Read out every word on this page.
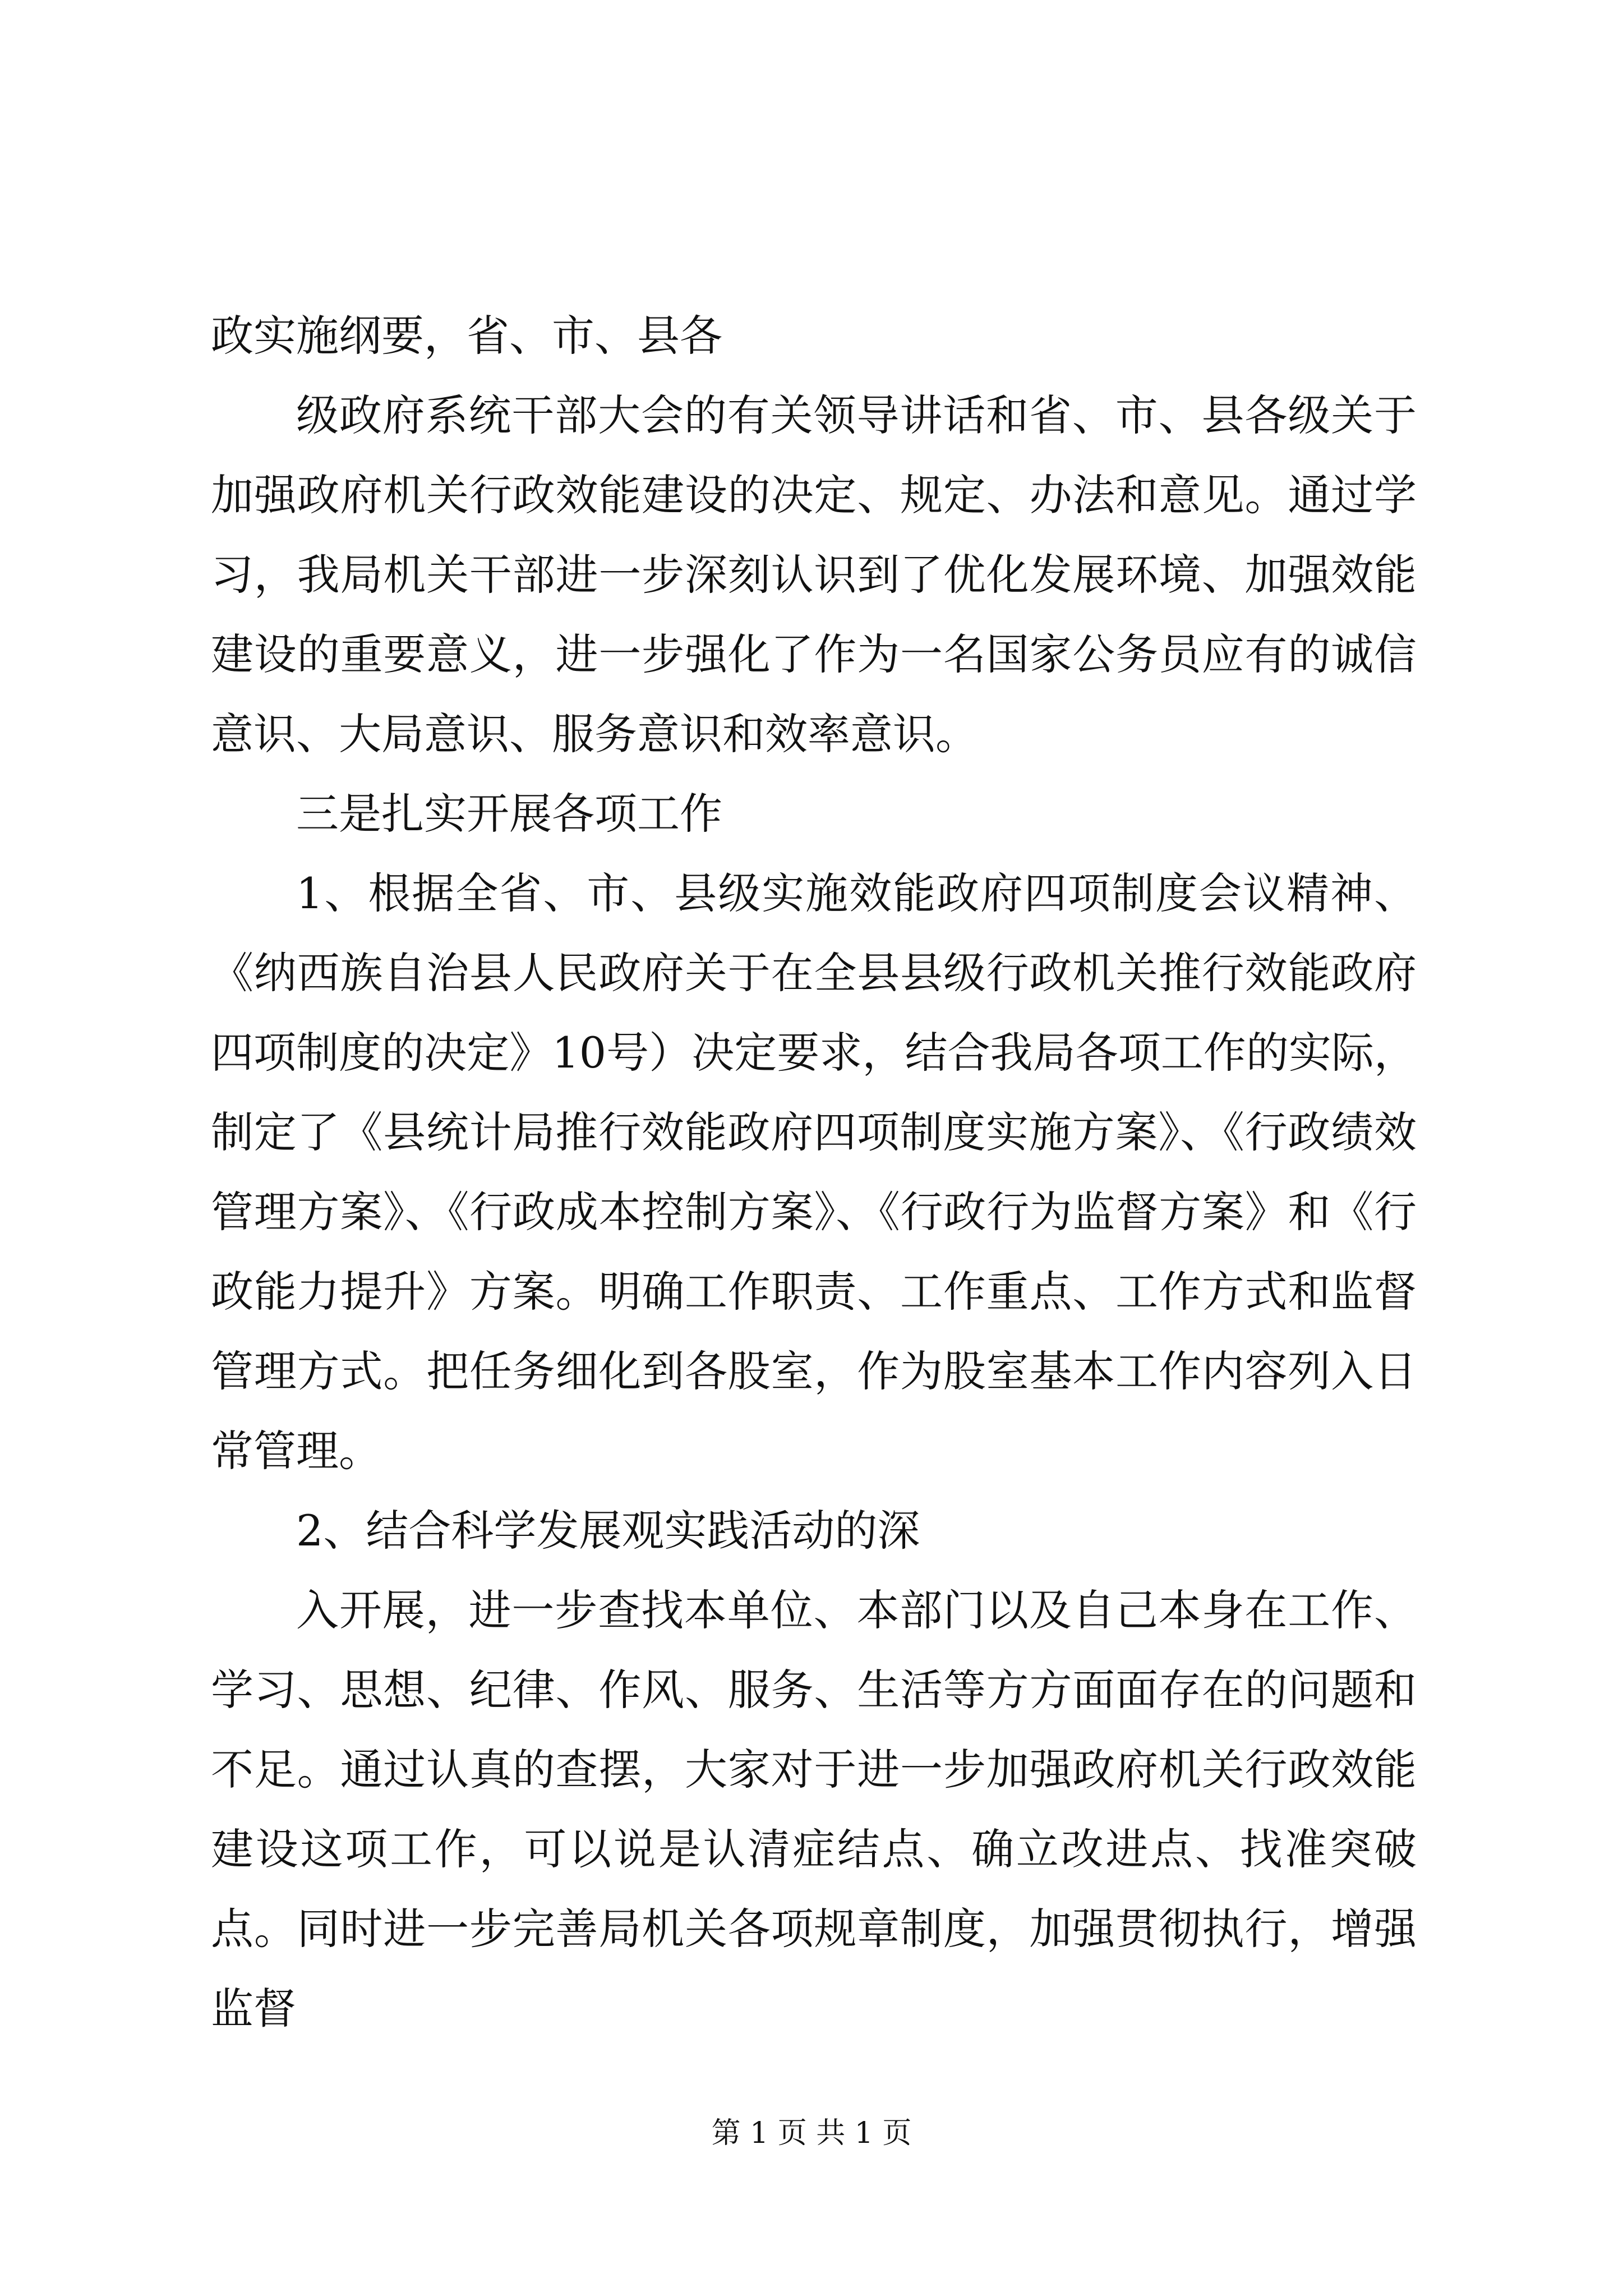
政实施纲要，省、市、县各

级政府系统干部大会的有关领导讲话和省、市、县各级关于加强政府机关行政效能建设的决定、规定、办法和意见。通过学习，我局机关干部进一步深刻认识到了优化发展环境、加强效能建设的重要意义，进一步强化了作为一名国家公务员应有的诚信意识、大局意识、服务意识和效率意识。

三是扎实开展各项工作

1、根据全省、市、县级实施效能政府四项制度会议精神、《纳西族自治县人民政府关于在全县县级行政机关推行效能政府四项制度的决定》10号）决定要求，结合我局各项工作的实际，制定了《县统计局推行效能政府四项制度实施方案》、《行政绩效管理方案》、《行政成本控制方案》、《行政行为监督方案》和《行政能力提升》方案。明确工作职责、工作重点、工作方式和监督管理方式。把任务细化到各股室，作为股室基本工作内容列入日常管理。

2、结合科学发展观实践活动的深

入开展，进一步查找本单位、本部门以及自己本身在工作、学习、思想、纪律、作风、服务、生活等方方面面存在的问题和不足。通过认真的查摆，大家对于进一步加强政府机关行政效能建设这项工作，可以说是认清症结点、确立改进点、找准突破点。同时进一步完善局机关各项规章制度，加强贯彻执行，增强监督

第 1 页 共 1 页
